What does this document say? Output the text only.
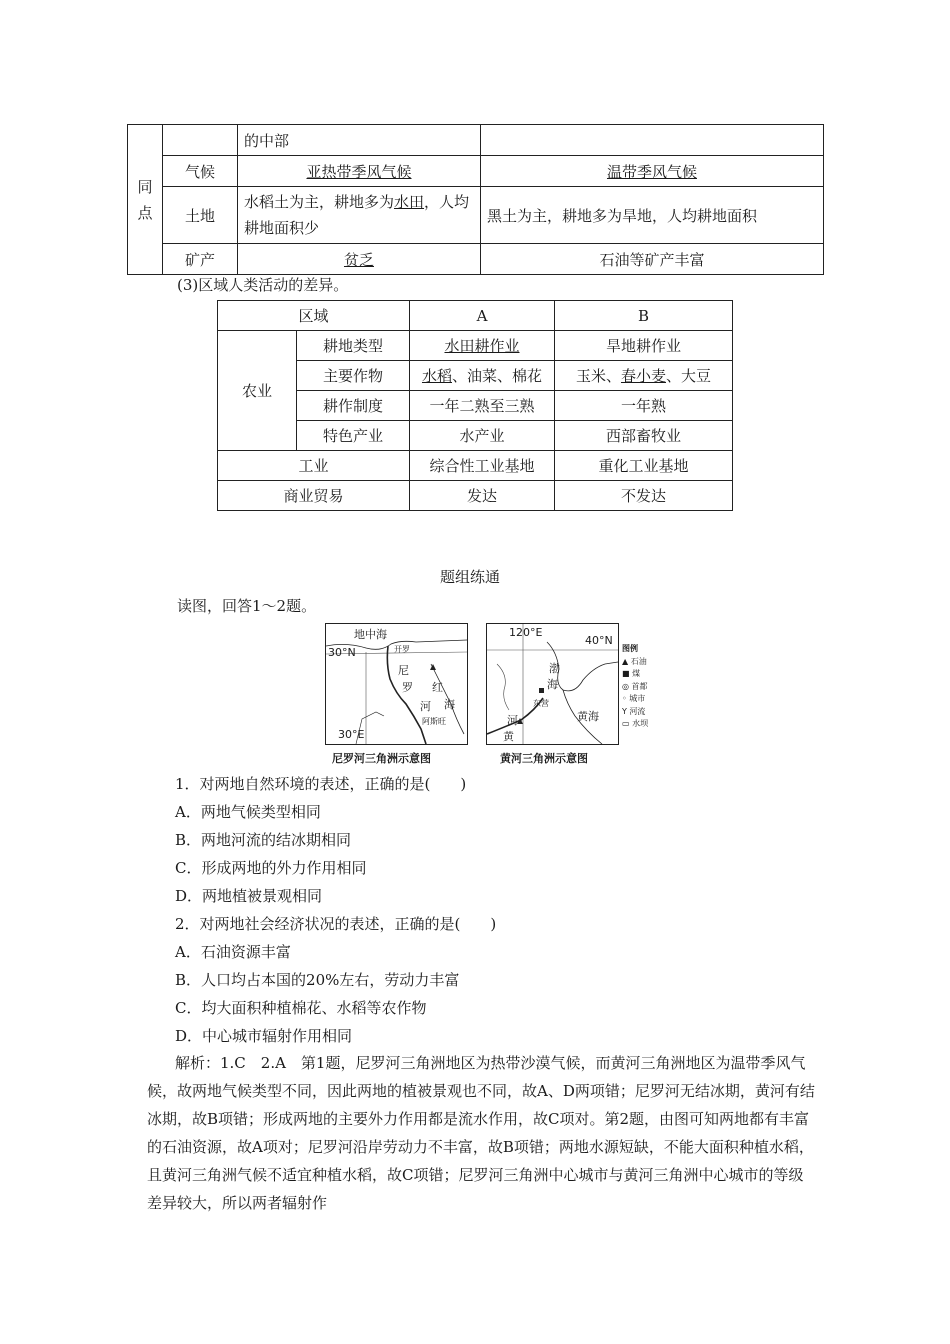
同
点		的中部	
	气候	亚热带季风气候	温带季风气候
	土地	水稻土为主，耕地多为水田，人均耕地面积少	黑土为主，耕地多为旱地，人均耕地面积
	矿产	贫乏	石油等矿产丰富
(3)区域人类活动的差异。
区域		A	B
农业	耕地类型	水田耕作业	旱地耕作业
	主要作物	水稻、油菜、棉花	玉米、春小麦、大豆
	耕作制度	一年二熟至三熟	一年熟
	特色产业	水产业	西部畜牧业
工业		综合性工业基地	重化工业基地
商业贸易		发达	不发达
题组练通
读图，回答1～2题。
地中海
30°N	开罗
尼
罗
河
红
海
阿斯旺
30°E
尼罗河三角洲示意图
120°E
40°N
渤
海
东营
河
黄
黄海
黄河三角洲示意图
图例
▲ 石油
■ 煤
◎ 首都
◦ 城市
Y 河流
▭ 水坝
1．对两地自然环境的表述，正确的是(　　)
A．两地气候类型相同
B．两地河流的结冰期相同
C．形成两地的外力作用相同
D．两地植被景观相同
2．对两地社会经济状况的表述，正确的是(　　)
A．石油资源丰富
B．人口均占本国的20%左右，劳动力丰富
C．均大面积种植棉花、水稻等农作物
D．中心城市辐射作用相同
解析：1.C　2.A　第1题，尼罗河三角洲地区为热带沙漠气候，而黄河三角洲地区为温带季风气候，故两地气候类型不同，因此两地的植被景观也不同，故A、D两项错；尼罗河无结冰期，黄河有结冰期，故B项错；形成两地的主要外力作用都是流水作用，故C项对。第2题，由图可知两地都有丰富的石油资源，故A项对；尼罗河沿岸劳动力不丰富，故B项错；两地水源短缺，不能大面积种植水稻，且黄河三角洲气候不适宜种植水稻，故C项错；尼罗河三角洲中心城市与黄河三角洲中心城市的等级差异较大，所以两者辐射作
